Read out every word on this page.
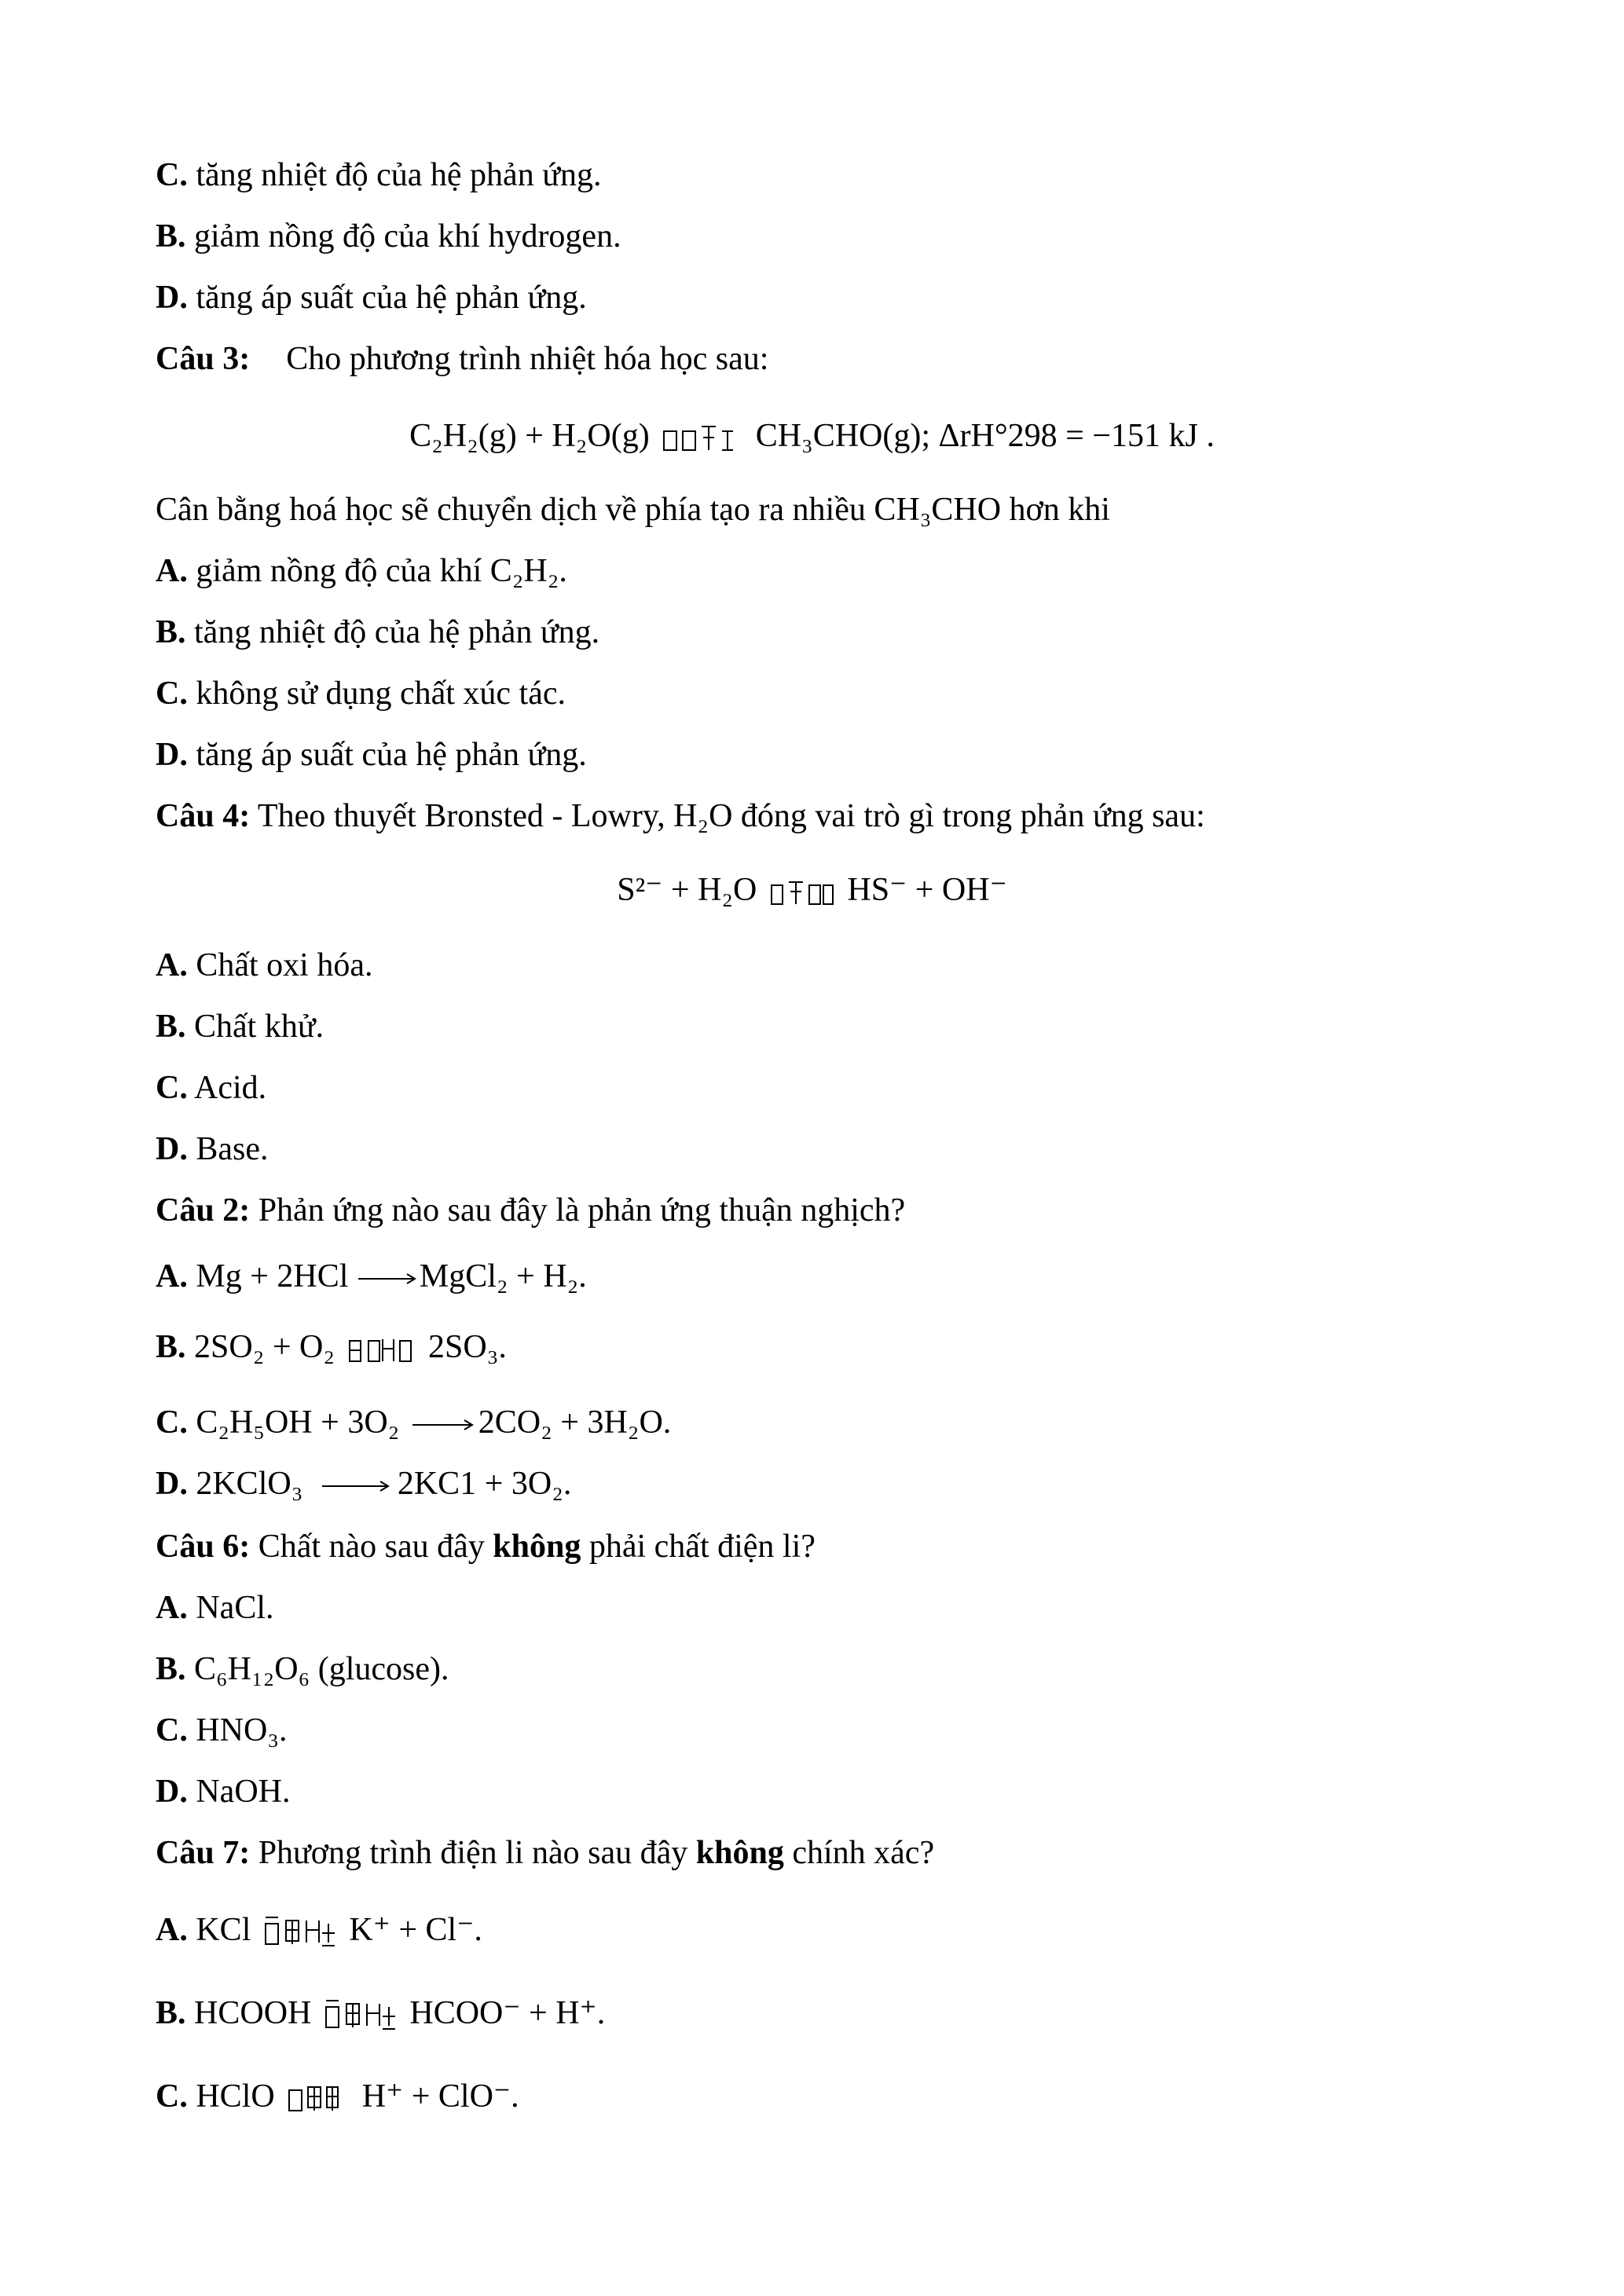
C. tăng nhiệt độ của hệ phản ứng.
B. giảm nồng độ của khí hydrogen.
D. tăng áp suất của hệ phản ứng.
Câu 3: Cho phương trình nhiệt hóa học sau:
C₂H₂(g) + H₂O(g)	CH₃CHO(g); ΔrH°298 = −151 kJ .
Cân bằng hoá học sẽ chuyển dịch về phía tạo ra nhiều CH₃CHO hơn khi
A. giảm nồng độ của khí C₂H₂.
B. tăng nhiệt độ của hệ phản ứng.
C. không sử dụng chất xúc tác.
D. tăng áp suất của hệ phản ứng.
Câu 4: Theo thuyết Bronsted - Lowry, H₂O đóng vai trò gì trong phản ứng sau:
S²⁻ + H₂O	HS⁻ + OH⁻
A. Chất oxi hóa.
B. Chất khử.
C. Acid.
D. Base.
Câu 2: Phản ứng nào sau đây là phản ứng thuận nghịch?
A. Mg + 2HCl MgCl₂ + H₂.
B. 2SO₂ + O₂	2SO₃.
C. C₂H₅OH + 3O₂ 2CO₂ + 3H₂O.
D. 2KClO₃	2KC1 + 3O₂.
Câu 6: Chất nào sau đây không phải chất điện li?
A. NaCl.
B. C₆H₁₂O₆ (glucose).
C. HNO₃.
D. NaOH.
Câu 7: Phương trình điện li nào sau đây không chính xác?
A. KCl	K⁺ + Cl⁻.
B. HCOOH	HCOO⁻ + H⁺.
C. HClO	H⁺ + ClO⁻.
